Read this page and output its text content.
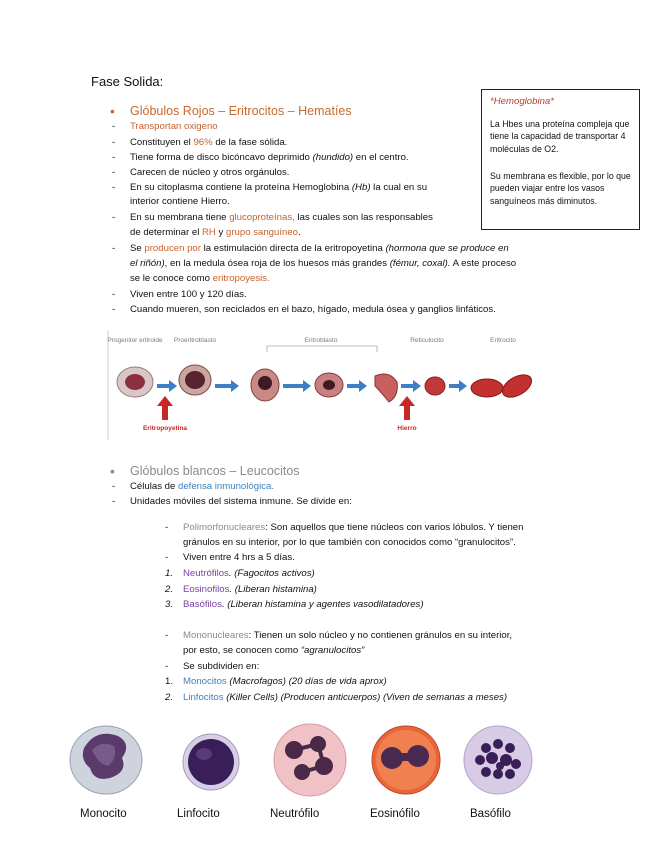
Fase Solida:
• Glóbulos Rojos – Eritrocitos – Hematíes
- Transportan oxigeno
- Constituyen el 96% de la fase sólida.
- Tiene forma de disco bicóncavo deprimido (hundido) en el centro.
- Carecen de núcleo y otros orgánulos.
- En su citoplasma contiene la proteína Hemoglobina (Hb) la cual en su
interior contiene Hierro.
- En su membrana tiene glucoproteínas, las cuales son las responsables
de determinar el RH y grupo sanguíneo.
- Se producen por la estimulación directa de la eritropoyetina (hormona que se produce en
el riñón), en la medula ósea roja de los huesos más grandes (fémur, coxal). A este proceso
se le conoce como eritropoyesis.
- Viven entre 100 y 120 días.
- Cuando mueren, son reciclados en el bazo, hígado, medula ósea y ganglios linfáticos.
*Hemoglobina*
La Hbes una proteína compleja que tiene la capacidad de transportar 4 moléculas de O2.
Su membrana es flexible, por lo que pueden viajar entre los vasos sanguíneos más diminutos.
Progenitor eritroide Proeritroblasto	Eritroblasto	Reticulocito	Eritrocito
Eritropoyetina	Hierro
• Glóbulos blancos – Leucocitos
- Células de defensa inmunológica.
- Unidades móviles del sistema inmune. Se divide en:
- Polimorfonucleares: Son aquellos que tiene núcleos con varios lóbulos. Y tienen
gránulos en su interior, por lo que también con conocidos como “granulocitos”.
- Viven entre 4 hrs a 5 días.
1. Neutrófilos. (Fagocitos activos)
2. Eosinofilos. (Liberan histamina)
3. Basófilos. (Liberan histamina y agentes vasodilatadores)
- Mononucleares: Tienen un solo núcleo y no contienen gránulos en su interior,
por esto, se conocen como “agranulocitos”
- Se subdividen en:
1. Monocitos (Macrofagos) (20 días de vida aprox)
2. Linfocitos (Killer Cells) (Producen anticuerpos) (Viven de semanas a meses)
Monocito	Linfocito	Neutrófilo	Eosinófilo	Basófilo
